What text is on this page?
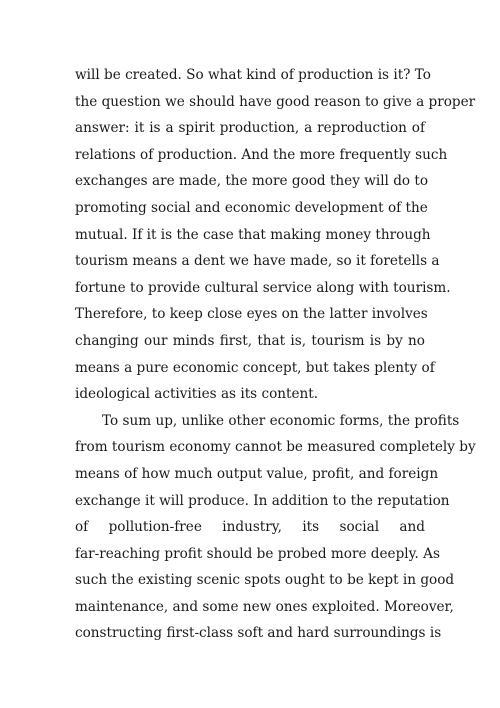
will be created. So what kind of production is it? To
the question we should have good reason to give a proper
answer: it is a spirit production, a reproduction of
relations of production. And the more frequently such
exchanges are made, the more good they will do to
promoting social and economic development of the
mutual. If it is the case that making money through
tourism means a dent we have made, so it foretells a
fortune to provide cultural service along with tourism.
Therefore, to keep close eyes on the latter involves
changing our minds first, that is, tourism is by no
means a pure economic concept, but takes plenty of
ideological activities as its content.
To sum up, unlike other economic forms, the profits
from tourism economy cannot be measured completely by
means of how much output value, profit, and foreign
exchange it will produce. In addition to the reputation
of pollution-free industry, its social and
far-reaching profit should be probed more deeply. As
such the existing scenic spots ought to be kept in good
maintenance, and some new ones exploited. Moreover,
constructing first-class soft and hard surroundings is
